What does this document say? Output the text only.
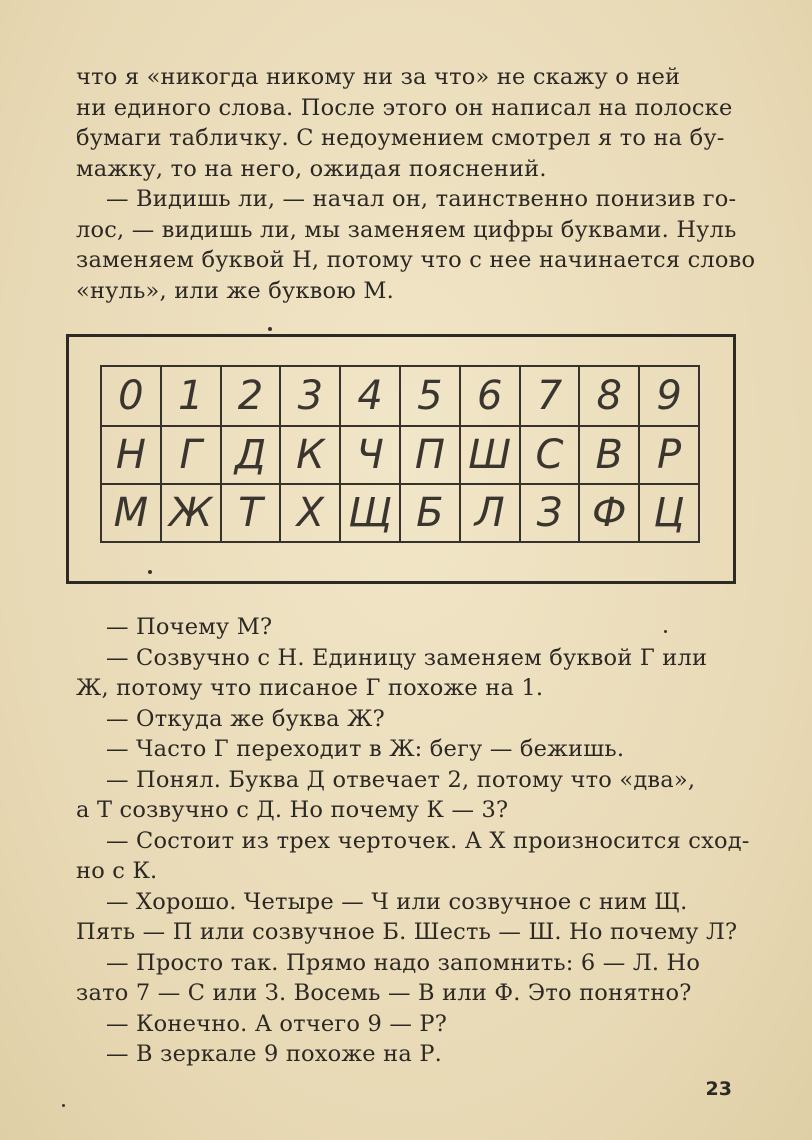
что я «никогда никому ни за что» не скажу о ней
ни единого слова. После этого он написал на полоске
бумаги табличку. С недоумением смотрел я то на бу-
мажку, то на него, ожидая пояснений.
— Видишь ли, — начал он, таинственно понизив го-
лос, — видишь ли, мы заменяем цифры буквами. Нуль
заменяем буквой Н, потому что с нее начинается слово
«нуль», или же буквою М.
0	1	2	3	4	5	6	7	8	9
Н	Г	Д	К	Ч	П	Ш	С	В	Р
М	Ж	Т	Х	Щ	Б	Л	З	Ф	Ц
— Почему М?
— Созвучно с Н. Единицу заменяем буквой Г или
Ж, потому что писаное Г похоже на 1.
— Откуда же буква Ж?
— Часто Г переходит в Ж: бегу — бежишь.
— Понял. Буква Д отвечает 2, потому что «два»,
а Т созвучно с Д. Но почему К — 3?
— Состоит из трех черточек. А Х произносится сход-
но с К.
— Хорошо. Четыре — Ч или созвучное с ним Щ.
Пять — П или созвучное Б. Шесть — Ш. Но почему Л?
— Просто так. Прямо надо запомнить: 6 — Л. Но
зато 7 — С или З. Восемь — В или Ф. Это понятно?
— Конечно. А отчего 9 — Р?
— В зеркале 9 похоже на Р.
23
